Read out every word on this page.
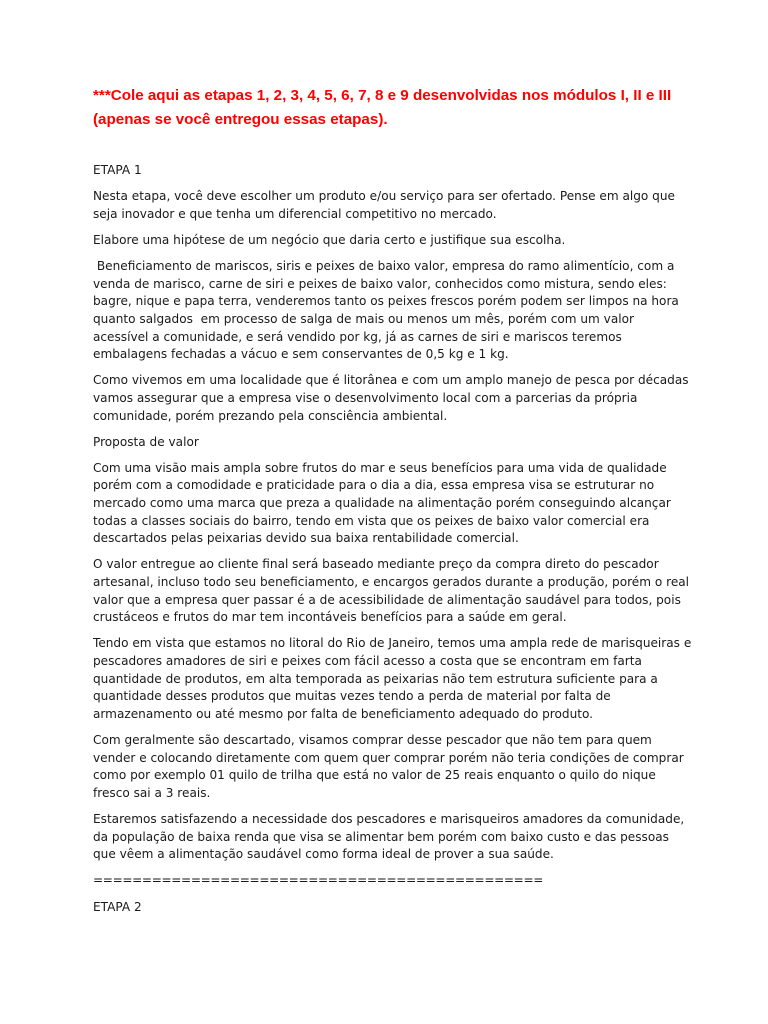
***Cole aqui as etapas 1, 2, 3, 4, 5, 6, 7, 8 e 9 desenvolvidas nos módulos I, II e III (apenas se você entregou essas etapas).

ETAPA 1

Nesta etapa, você deve escolher um produto e/ou serviço para ser ofertado. Pense em algo que seja inovador e que tenha um diferencial competitivo no mercado.

Elabore uma hipótese de um negócio que daria certo e justifique sua escolha.

Beneficiamento de mariscos, siris e peixes de baixo valor, empresa do ramo alimentício, com a venda de marisco, carne de siri e peixes de baixo valor, conhecidos como mistura, sendo eles: bagre, nique e papa terra, venderemos tanto os peixes frescos porém podem ser limpos na hora quanto salgados  em processo de salga de mais ou menos um mês, porém com um valor acessível a comunidade, e será vendido por kg, já as carnes de siri e mariscos teremos embalagens fechadas a vácuo e sem conservantes de 0,5 kg e 1 kg.

Como vivemos em uma localidade que é litorânea e com um amplo manejo de pesca por décadas vamos assegurar que a empresa vise o desenvolvimento local com a parcerias da própria comunidade, porém prezando pela consciência ambiental.

Proposta de valor

Com uma visão mais ampla sobre frutos do mar e seus benefícios para uma vida de qualidade porém com a comodidade e praticidade para o dia a dia, essa empresa visa se estruturar no mercado como uma marca que preza a qualidade na alimentação porém conseguindo alcançar todas a classes sociais do bairro, tendo em vista que os peixes de baixo valor comercial era descartados pelas peixarias devido sua baixa rentabilidade comercial.

O valor entregue ao cliente final será baseado mediante preço da compra direto do pescador artesanal, incluso todo seu beneficiamento, e encargos gerados durante a produção, porém o real valor que a empresa quer passar é a de acessibilidade de alimentação saudável para todos, pois crustáceos e frutos do mar tem incontáveis benefícios para a saúde em geral.

Tendo em vista que estamos no litoral do Rio de Janeiro, temos uma ampla rede de marisqueiras e pescadores amadores de siri e peixes com fácil acesso a costa que se encontram em farta quantidade de produtos, em alta temporada as peixarias não tem estrutura suficiente para a quantidade desses produtos que muitas vezes tendo a perda de material por falta de armazenamento ou até mesmo por falta de beneficiamento adequado do produto.

Com geralmente são descartado, visamos comprar desse pescador que não tem para quem vender e colocando diretamente com quem quer comprar porém não teria condições de comprar como por exemplo 01 quilo de trilha que está no valor de 25 reais enquanto o quilo do nique fresco sai a 3 reais.

Estaremos satisfazendo a necessidade dos pescadores e marisqueiros amadores da comunidade, da população de baixa renda que visa se alimentar bem porém com baixo custo e das pessoas que vêem a alimentação saudável como forma ideal de prover a sua saúde.

==============================================

ETAPA 2
